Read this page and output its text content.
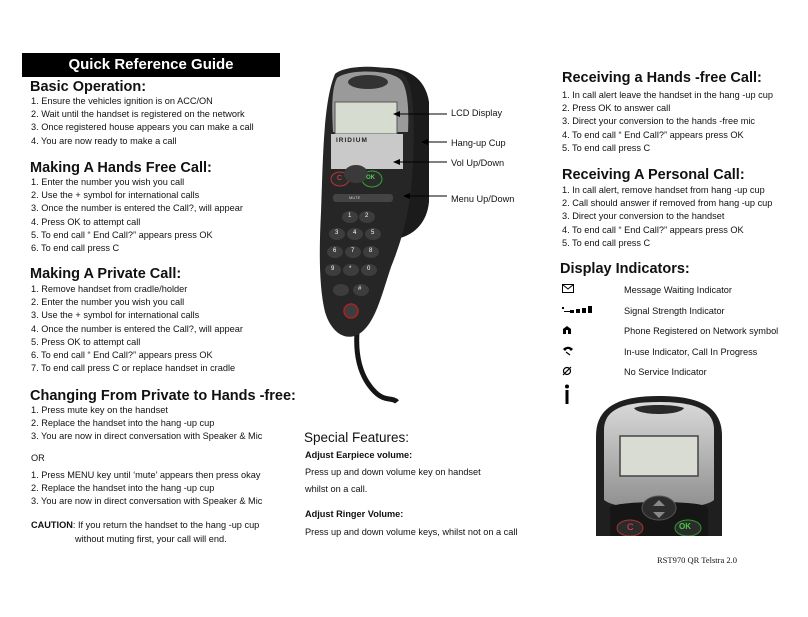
Quick Reference Guide
Basic Operation:
1. Ensure the vehicles ignition is on ACC/ON
2. Wait until the handset is registered on the network
3. Once registered house appears you can make a call
4. You are now ready to make a call
Making A Hands Free Call:
1. Enter the number you wish you call
2. Use the + symbol for international calls
3. Once the number is entered the Call?, will appear
4. Press OK to attempt call
5. To end call “ End Call?” appears press OK
6. To end call press C
Making A Private Call:
1. Remove handset from cradle/holder
2. Enter the number you wish you call
3. Use the + symbol for international calls
4. Once the number is entered the Call?, will appear
5. Press OK to attempt call
6. To end call “ End Call?” appears press OK
7. To end call press C or replace handset in cradle
Changing From Private to Hands -free:
1. Press mute key on the handset
2. Replace the handset into the hang -up cup
3. You are now in direct conversation with Speaker & Mic
OR
1. Press MENU key until ‘mute’ appears then press okay
2. Replace the handset into the hang -up cup
3. You are now in direct conversation with Speaker & Mic
CAUTION: If you return the handset to the hang -up cup
without muting first, your call will end.
IRIDIUM
C	OK
MUTE
1 2
3 4 5
6 7 8
9 *	0
#
LCD Display
Hang-up Cup
Vol Up/Down
Menu Up/Down
Special Features:
Adjust Earpiece volume:
Press up and down volume key on handset
whilst on a call.
Adjust Ringer Volume:
Press up and down volume keys, whilst not on a call
Receiving a Hands -free Call:
1. In call alert leave the handset in the hang -up cup
2. Press OK to answer call
3. Direct your conversion to the hands -free mic
4. To end call “ End Call?” appears press OK
5. To end call press C
Receiving A Personal Call:
1. In call alert, remove handset from hang -up cup
2. Call should answer if removed from hang -up cup
3. Direct your conversion to the handset
4. To end call “ End Call?” appears press OK
5. To end call press C
Display Indicators:
Message Waiting Indicator
Signal Strength Indicator
Phone Registered on Network symbol
In-use Indicator, Call In Progress
No Service Indicator
C	OK
RST970 QR Telstra 2.0
